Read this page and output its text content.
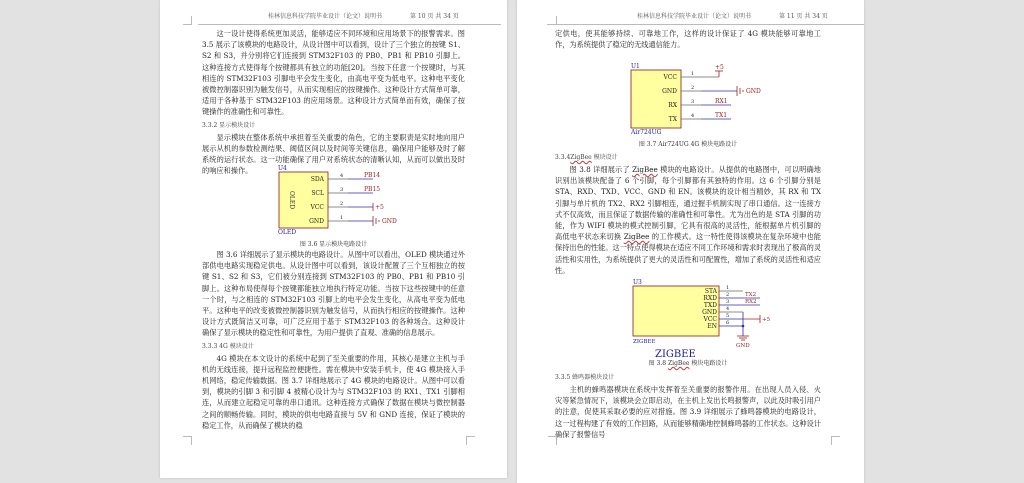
桂林信息科技学院毕业设计（论文）说明书	第 10 页 共 34 页

这一设计使得系统更加灵活，能够适应不同环境和应用场景下的报警需求。图 3.5 展示了该模块的电路设计，从设计图中可以看到，设计了三个独立的按键 S1、S2 和 S3，并分别将它们连接到 STM32F103 的 PB0、PB1 和 PB10 引脚上。这种连接方式使得每个按键都具有独立的功能[20]。当按下任意一个按键时，与其相连的 STM32F103 引脚电平会发生变化，由高电平变为低电平。这种电平变化被微控制器识别为触发信号，从而实现相应的按键操作。这种设计方式简单可靠，适用于各种基于 STM32F103 的应用场景。这种设计方式简单而有效，确保了按键操作的准确性和可靠性。

3.3.2 显示模块设计

显示模块在整体系统中承担着至关重要的角色，它的主要职责是实时地向用户展示从机的参数检测结果、阈值区间以及时间等关键信息，确保用户能够及时了解系统的运行状态。这一功能确保了用户对系统状态的清晰认知，从而可以做出及时的响应和操作。	U4
OLED
SDA
SCL
VCC
GND
4
3
2
1
PB14
PB15
+5
GND
OLED
图 3.6 显示模块电路设计

图 3.6 详细展示了显示模块的电路设计。从图中可以看出，OLED 模块通过外部供电电路实现稳定供电。从设计图中可以看到，该设计配置了三个互相独立的按键 S1、S2 和 S3，它们被分别连接到 STM32F103 的 PB0、PB1 和 PB10 引脚上。这种布局使得每个按键都能独立地执行特定功能。当按下这些按键中的任意一个时，与之相连的 STM32F103 引脚上的电平会发生变化，从高电平变为低电平。这种电平的改变被微控制器识别为触发信号，从而执行相应的按键操作。这种设计方式既简洁又可靠，可广泛应用于基于 STM32F103 的各种场合。这种设计确保了显示模块的稳定性和可靠性，为用户提供了直观、准确的信息展示。

3.3.3 4G 模块设计

4G 模块在本文设计的系统中起到了至关重要的作用，其核心是建立主机与手机的无线连接，提升远程监控便捷性。需在模块中安装手机卡，使 4G 模块接入手机网络，稳定传输数据。图 3.7 详细地展示了 4G 模块的电路设计。从图中可以看到，模块的引脚 3 和引脚 4 被精心设计为与 STM32F103 的 RX1、TX1 引脚相连，从而建立起稳定可靠的串口通讯。这种连接方式确保了数据在模块与微控制器之间的顺畅传输。同时，模块的供电电路直接与 5V 和 GND 连接，保证了模块的稳定工作，从而确保了模块的稳

桂林信息科技学院毕业设计（论文）说明书	第 11 页 共 34 页

定供电，使其能够持续、可靠地工作，这样的设计保证了 4G 模块能够可靠地工作，为系统提供了稳定的无线通信能力。

U1
VCC
GND
RX
TX
1
2
3
4
+5
GND
RX1
TX1
Air724UG
图 3.7 Air724UG 4G 模块电路设计
3.3.4ZigBee 模块设计

图 3.8 详细展示了 ZigBee 模块的电路设计。从提供的电路图中，可以明确地识别出该模块配备了 6 个引脚，每个引脚都有其独特的作用。这 6 个引脚分别是 STA、RXD、TXD、VCC、GND 和 EN。该模块的设计相当精妙，其 RX 和 TX 引脚与单片机的 TX2、RX2 引脚相连，通过握手机制实现了串口通信。这一连接方式不仅高效，而且保证了数据传输的准确性和可靠性。尤为出色的是 STA 引脚的功能，作为 WIFI 模块的模式控制引脚，它具有很高的灵活性，能根据单片机引脚的高低电平状态来切换 ZigBee 的工作模式。这一特性使得该模块在复杂环境中也能保持出色的性能。这一特点使得模块在适应不同工作环境和需求时表现出了极高的灵活性和实用性，为系统提供了更大的灵活性和可配置性，增加了系统的灵活性和适应性。

U3
STA
RXD
TXD
GND
VCC
EN
+5
GND
1
2
3
4
5
6
TX2
RX2
ZIGBEE
ZIGBEE
图 3.8 ZigBee 模块电路设计
3.3.5 蜂鸣器模块设计

主机的蜂鸣器模块在系统中发挥着至关重要的报警作用。在出现人员入侵、火灾等紧急情况下，该模块会立即启动，在主机上发出长鸣报警声，以此及时吸引用户的注意，促使其采取必要的应对措施。图 3.9 详细展示了蜂鸣器模块的电路设计，这一过程构建了有效的工作回路，从而能够精确地控制蜂鸣器的工作状态。这种设计确保了报警信号
